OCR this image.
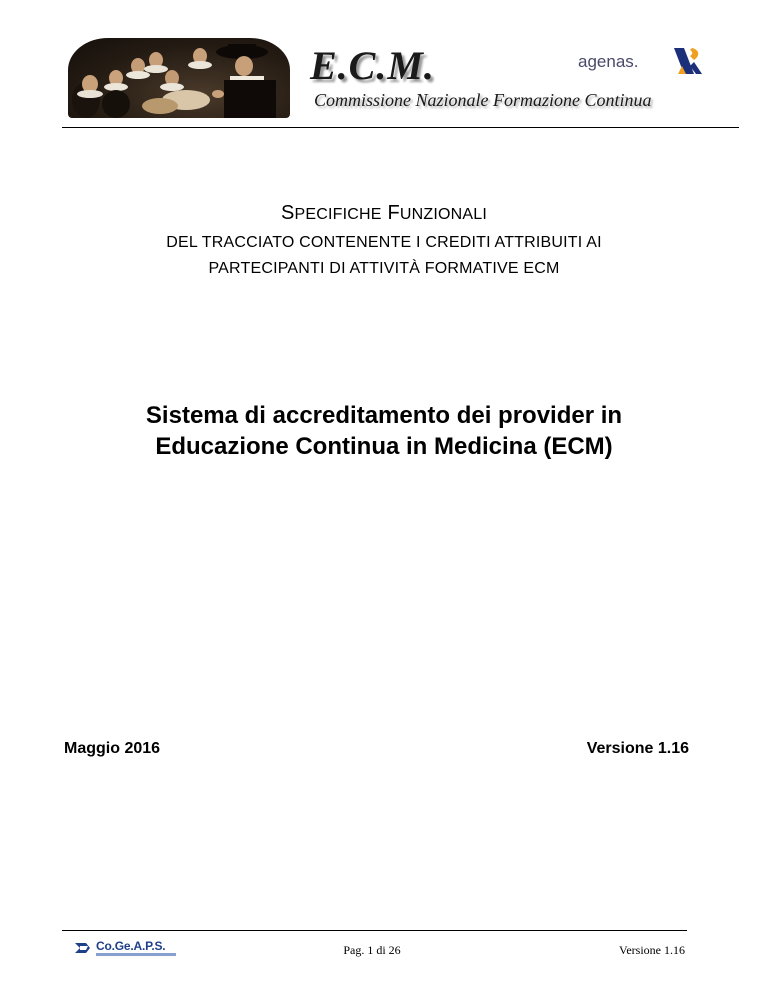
E.C.M.
Commissione Nazionale Formazione Continua
agenas.
SPECIFICHE FUNZIONALI
DEL TRACCIATO CONTENENTE I CREDITI ATTRIBUITI AI
PARTECIPANTI DI ATTIVITÀ FORMATIVE ECM
Sistema di accreditamento dei provider in
Educazione Continua in Medicina (ECM)
Maggio 2016	Versione 1.16
Co.Ge.A.P.S.	Pag. 1 di 26	Versione 1.16
